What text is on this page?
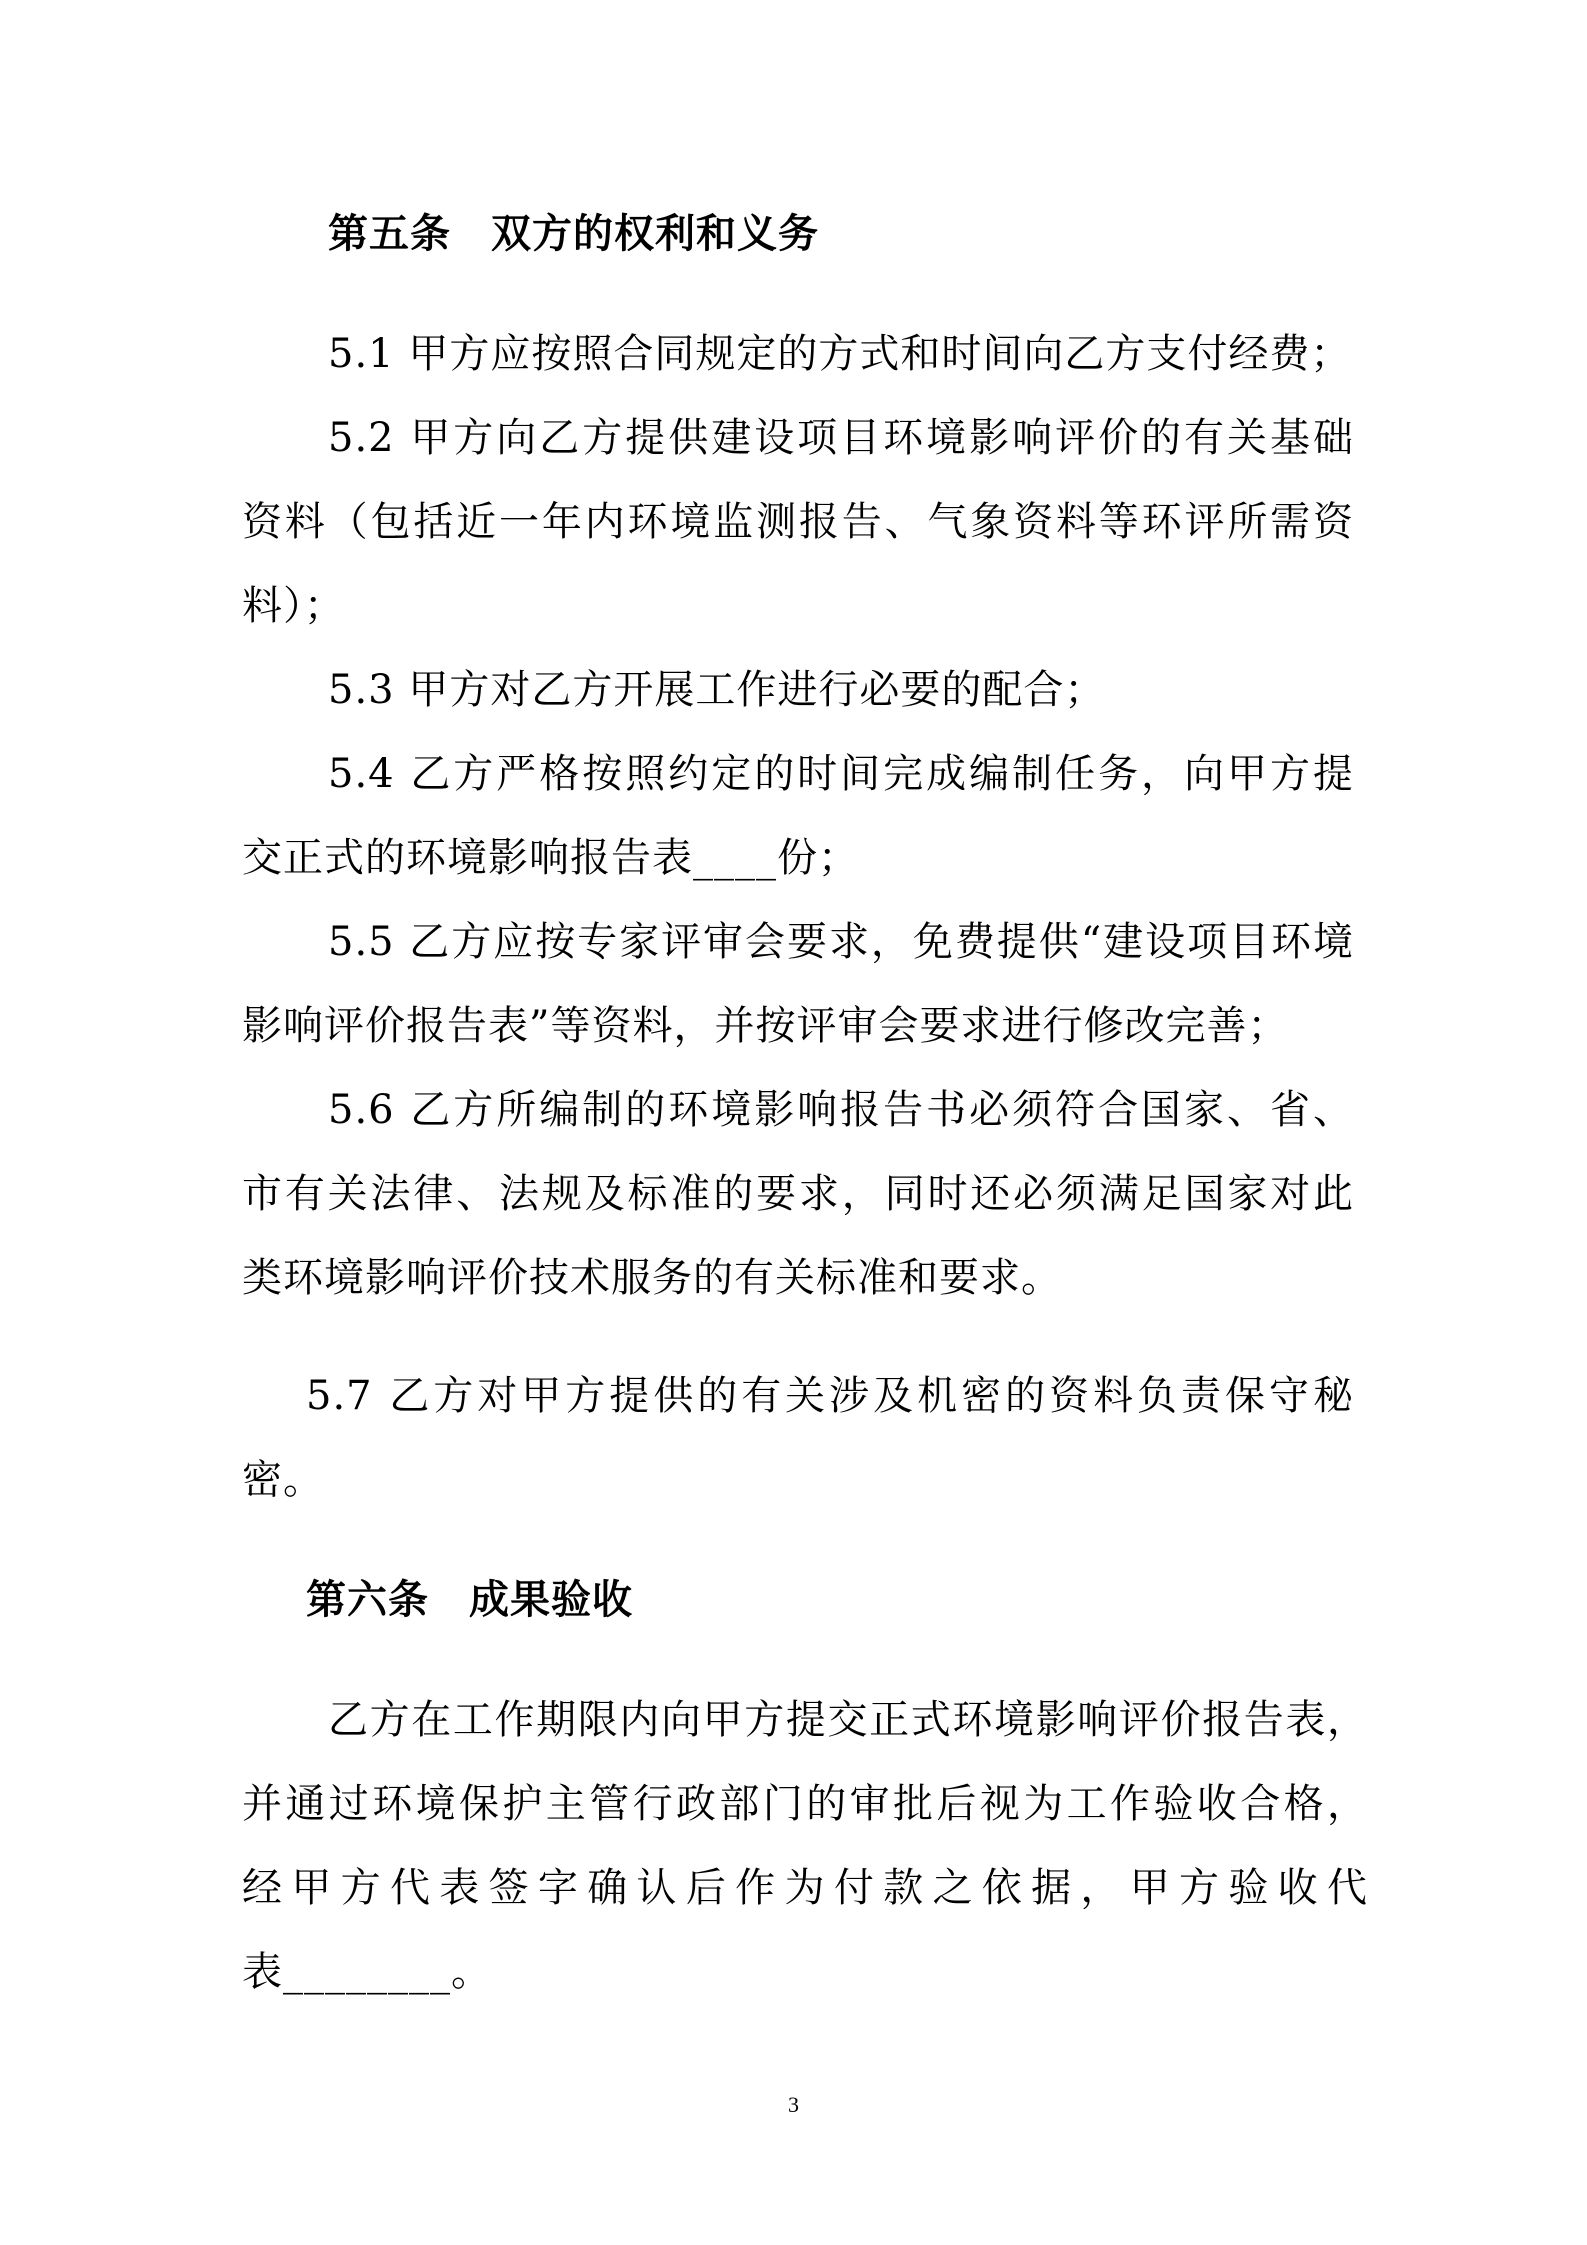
第五条 双方的权利和义务
5.1 甲方应按照合同规定的方式和时间向乙方支付经费；
5.2 甲方向乙方提供建设项目环境影响评价的有关基础
资料（包括近一年内环境监测报告、气象资料等环评所需资
料）；
5.3 甲方对乙方开展工作进行必要的配合；
5.4 乙方严格按照约定的时间完成编制任务，向甲方提
交正式的环境影响报告表____份；
5.5 乙方应按专家评审会要求，免费提供“建设项目环境
影响评价报告表”等资料，并按评审会要求进行修改完善；
5.6 乙方所编制的环境影响报告书必须符合国家、省、
市有关法律、法规及标准的要求，同时还必须满足国家对此
类环境影响评价技术服务的有关标准和要求。
5.7 乙方对甲方提供的有关涉及机密的资料负责保守秘
密。
第六条 成果验收
乙方在工作期限内向甲方提交正式环境影响评价报告表，
并通过环境保护主管行政部门的审批后视为工作验收合格，
经甲方代表签字确认后作为付款之依据，甲方验收代
表________。
3
